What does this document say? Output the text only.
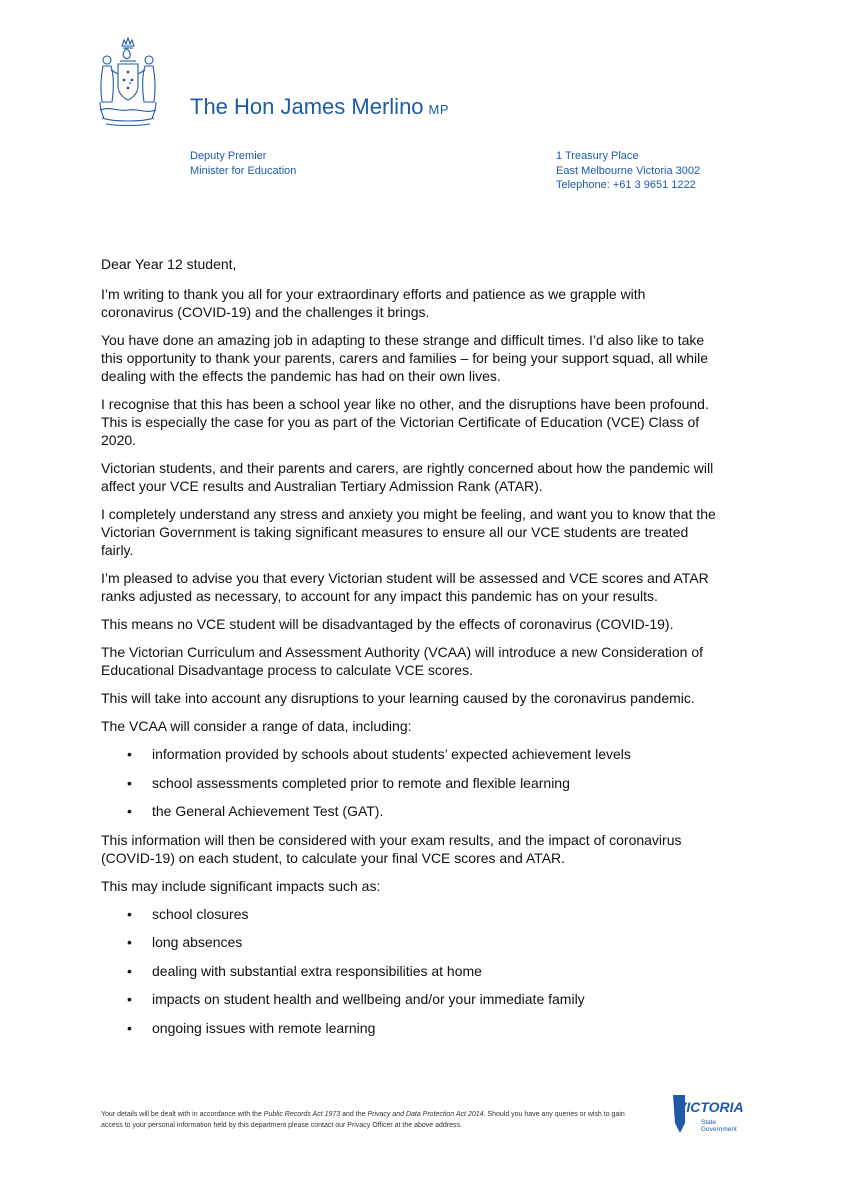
The Hon James Merlino MP
Deputy Premier
Minister for Education
1 Treasury Place
East Melbourne Victoria 3002
Telephone: +61 3 9651 1222

Dear Year 12 student,

I’m writing to thank you all for your extraordinary efforts and patience as we grapple with coronavirus (COVID-19) and the challenges it brings.

You have done an amazing job in adapting to these strange and difficult times. I’d also like to take this opportunity to thank your parents, carers and families – for being your support squad, all while dealing with the effects the pandemic has had on their own lives.

I recognise that this has been a school year like no other, and the disruptions have been profound. This is especially the case for you as part of the Victorian Certificate of Education (VCE) Class of 2020.

Victorian students, and their parents and carers, are rightly concerned about how the pandemic will affect your VCE results and Australian Tertiary Admission Rank (ATAR).

I completely understand any stress and anxiety you might be feeling, and want you to know that the Victorian Government is taking significant measures to ensure all our VCE students are treated fairly.

I’m pleased to advise you that every Victorian student will be assessed and VCE scores and ATAR ranks adjusted as necessary, to account for any impact this pandemic has on your results.

This means no VCE student will be disadvantaged by the effects of coronavirus (COVID-19).

The Victorian Curriculum and Assessment Authority (VCAA) will introduce a new Consideration of Educational Disadvantage process to calculate VCE scores.

This will take into account any disruptions to your learning caused by the coronavirus pandemic.

The VCAA will consider a range of data, including:

• information provided by schools about students’ expected achievement levels
• school assessments completed prior to remote and flexible learning
• the General Achievement Test (GAT).

This information will then be considered with your exam results, and the impact of coronavirus (COVID-19) on each student, to calculate your final VCE scores and ATAR.

This may include significant impacts such as:

• school closures
• long absences
• dealing with substantial extra responsibilities at home
• impacts on student health and wellbeing and/or your immediate family
• ongoing issues with remote learning
Your details will be dealt with in accordance with the Public Records Act 1973 and the Privacy and Data Protection Act 2014. Should you have any queries or wish to gain access to your personal information held by this department please contact our Privacy Officer at the above address.
VICTORIA
State
Government
